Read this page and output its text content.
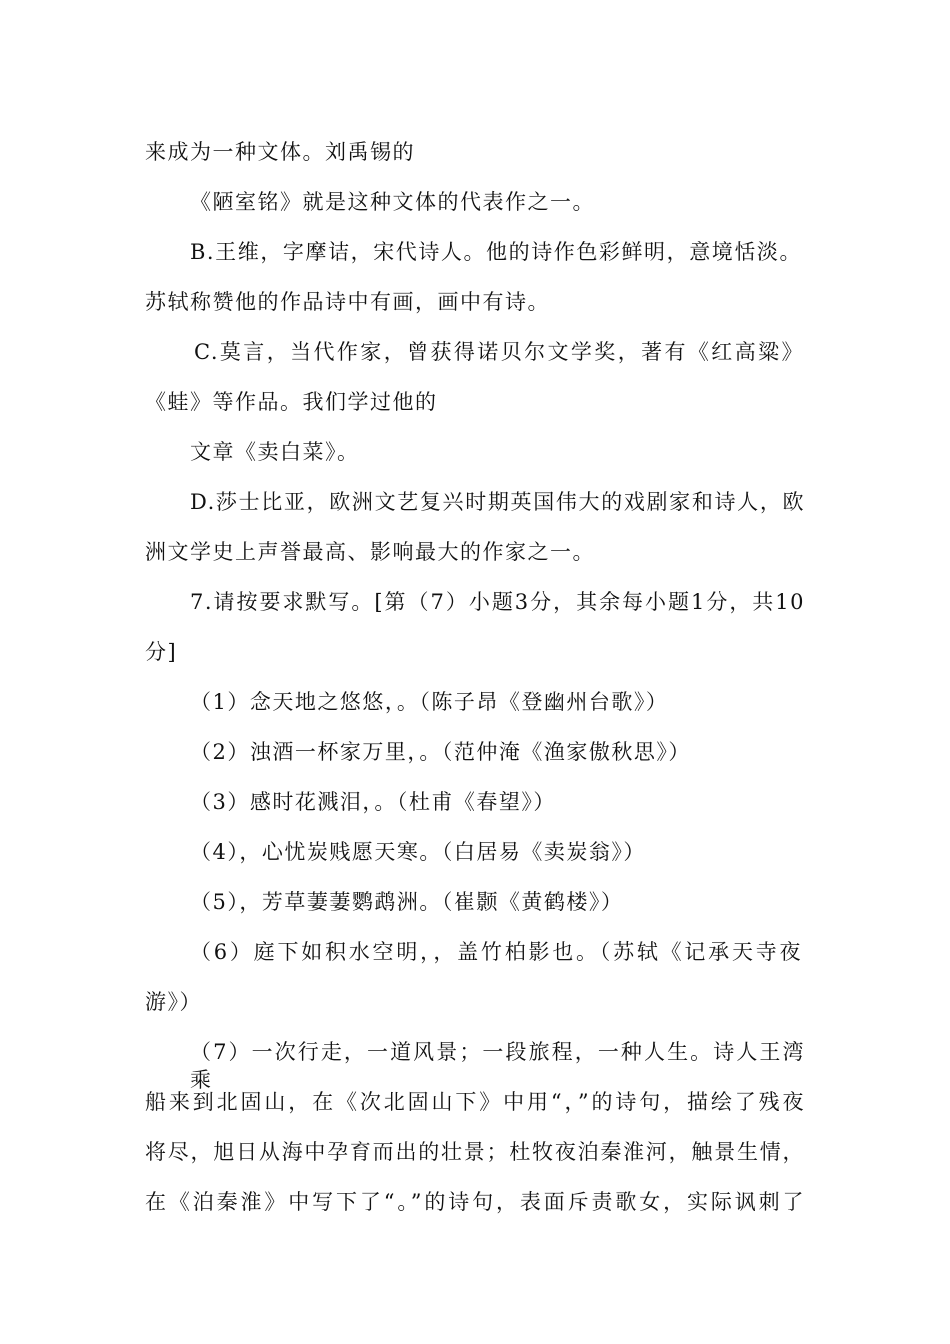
来成为一种文体。刘禹锡的
《陋室铭》就是这种文体的代表作之一。
B.王维，字摩诘，宋代诗人。他的诗作色彩鲜明，意境恬淡。
苏轼称赞他的作品诗中有画，画中有诗。
C.莫言，当代作家，曾获得诺贝尔文学奖，著有《红高粱》
《蛙》等作品。我们学过他的
文章《卖白菜》。
D.莎士比亚，欧洲文艺复兴时期英国伟大的戏剧家和诗人，欧
洲文学史上声誉最高、影响最大的作家之一。
7.请按要求默写。[第（7）小题3分，其余每小题1分，共10
分]
（1）念天地之悠悠，。（陈子昂《登幽州台歌》）
（2）浊酒一杯家万里，。（范仲淹《渔家傲秋思》）
（3）感时花溅泪，。（杜甫《春望》）
（4），心忧炭贱愿天寒。（白居易《卖炭翁》）
（5），芳草萋萋鹦鹉洲。（崔颢《黄鹤楼》）
（6）庭下如积水空明，，盖竹柏影也。（苏轼《记承天寺夜
游》）
（7）一次行走，一道风景；一段旅程，一种人生。诗人王湾乘
船来到北固山，在《次北固山下》中用“，”的诗句，描绘了残夜
将尽，旭日从海中孕育而出的壮景；杜牧夜泊秦淮河，触景生情，
在《泊秦淮》中写下了“。”的诗句，表面斥责歌女，实际讽刺了
